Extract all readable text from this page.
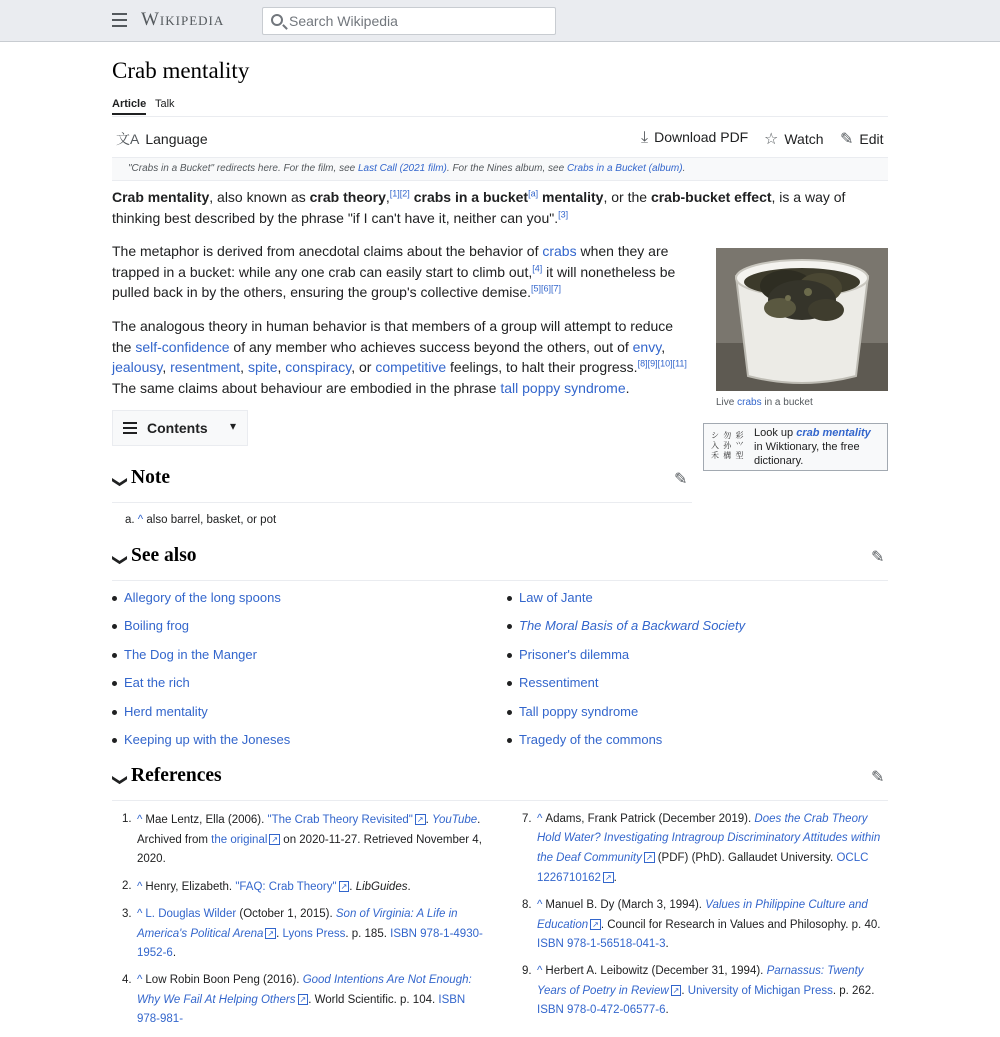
Wikipedia
Search Wikipedia
Crab mentality
Article Talk
文A Language	⤓ Download PDF ☆ Watch ✎ Edit
"Crabs in a Bucket" redirects here. For the film, see Last Call (2021 film). For the Nines album, see Crabs in a Bucket (album).

Crab mentality, also known as crab theory,[1][2] crabs in a bucket[a] mentality, or the crab-bucket effect, is a way of thinking best described by the phrase "if I can't have it, neither can you".[3]

The metaphor is derived from anecdotal claims about the behavior of crabs when they are trapped in a bucket: while any one crab can easily start to climb out,[4] it will nonetheless be pulled back in by the others, ensuring the group's collective demise.[5][6][7]

The analogous theory in human behavior is that members of a group will attempt to reduce the self-confidence of any member who achieves success beyond the others, out of envy, jealousy, resentment, spite, conspiracy, or competitive feelings, to halt their progress.[8][9][10][11] The same claims about behaviour are embodied in the phrase tall poppy syndrome.

Live crabs in a bucket
シ 勿 彩 入 孙 ⺍ 禾 構 型
Look up crab mentality in Wiktionary, the free dictionary.
Contents ▾
❮ Note	✎
a. ^ also barrel, basket, or pot
❮ See also	✎
Allegory of the long spoons
Boiling frog
The Dog in the Manger
Eat the rich
Herd mentality
Keeping up with the Joneses
Law of Jante
The Moral Basis of a Backward Society
Prisoner's dilemma
Ressentiment
Tall poppy syndrome
Tragedy of the commons
❮ References	✎
1. ^ Mae Lentz, Ella (2006). "The Crab Theory Revisited" ↗ . YouTube. Archived from the original ↗ on 2020-11-27. Retrieved November 4, 2020.
2. ^ Henry, Elizabeth. "FAQ: Crab Theory" ↗ . LibGuides.
3. ^ L. Douglas Wilder (October 1, 2015). Son of Virginia: A Life in America's Political Arena ↗ . Lyons Press. p. 185. ISBN 978-1-4930-1952-6.
4. ^ Low Robin Boon Peng (2016). Good Intentions Are Not Enough: Why We Fail At Helping Others ↗ . World Scientific. p. 104. ISBN 978-981-
7. ^ Adams, Frank Patrick (December 2019). Does the Crab Theory Hold Water? Investigating Intragroup Discriminatory Attitudes within the Deaf Community ↗ (PDF) (PhD). Gallaudet University. OCLC 1226710162 ↗ .
8. ^ Manuel B. Dy (March 3, 1994). Values in Philippine Culture and Education ↗ . Council for Research in Values and Philosophy. p. 40. ISBN 978-1-56518-041-3.
9. ^ Herbert A. Leibowitz (December 31, 1994). Parnassus: Twenty Years of Poetry in Review ↗ . University of Michigan Press. p. 262. ISBN 978-0-472-06577-6.
